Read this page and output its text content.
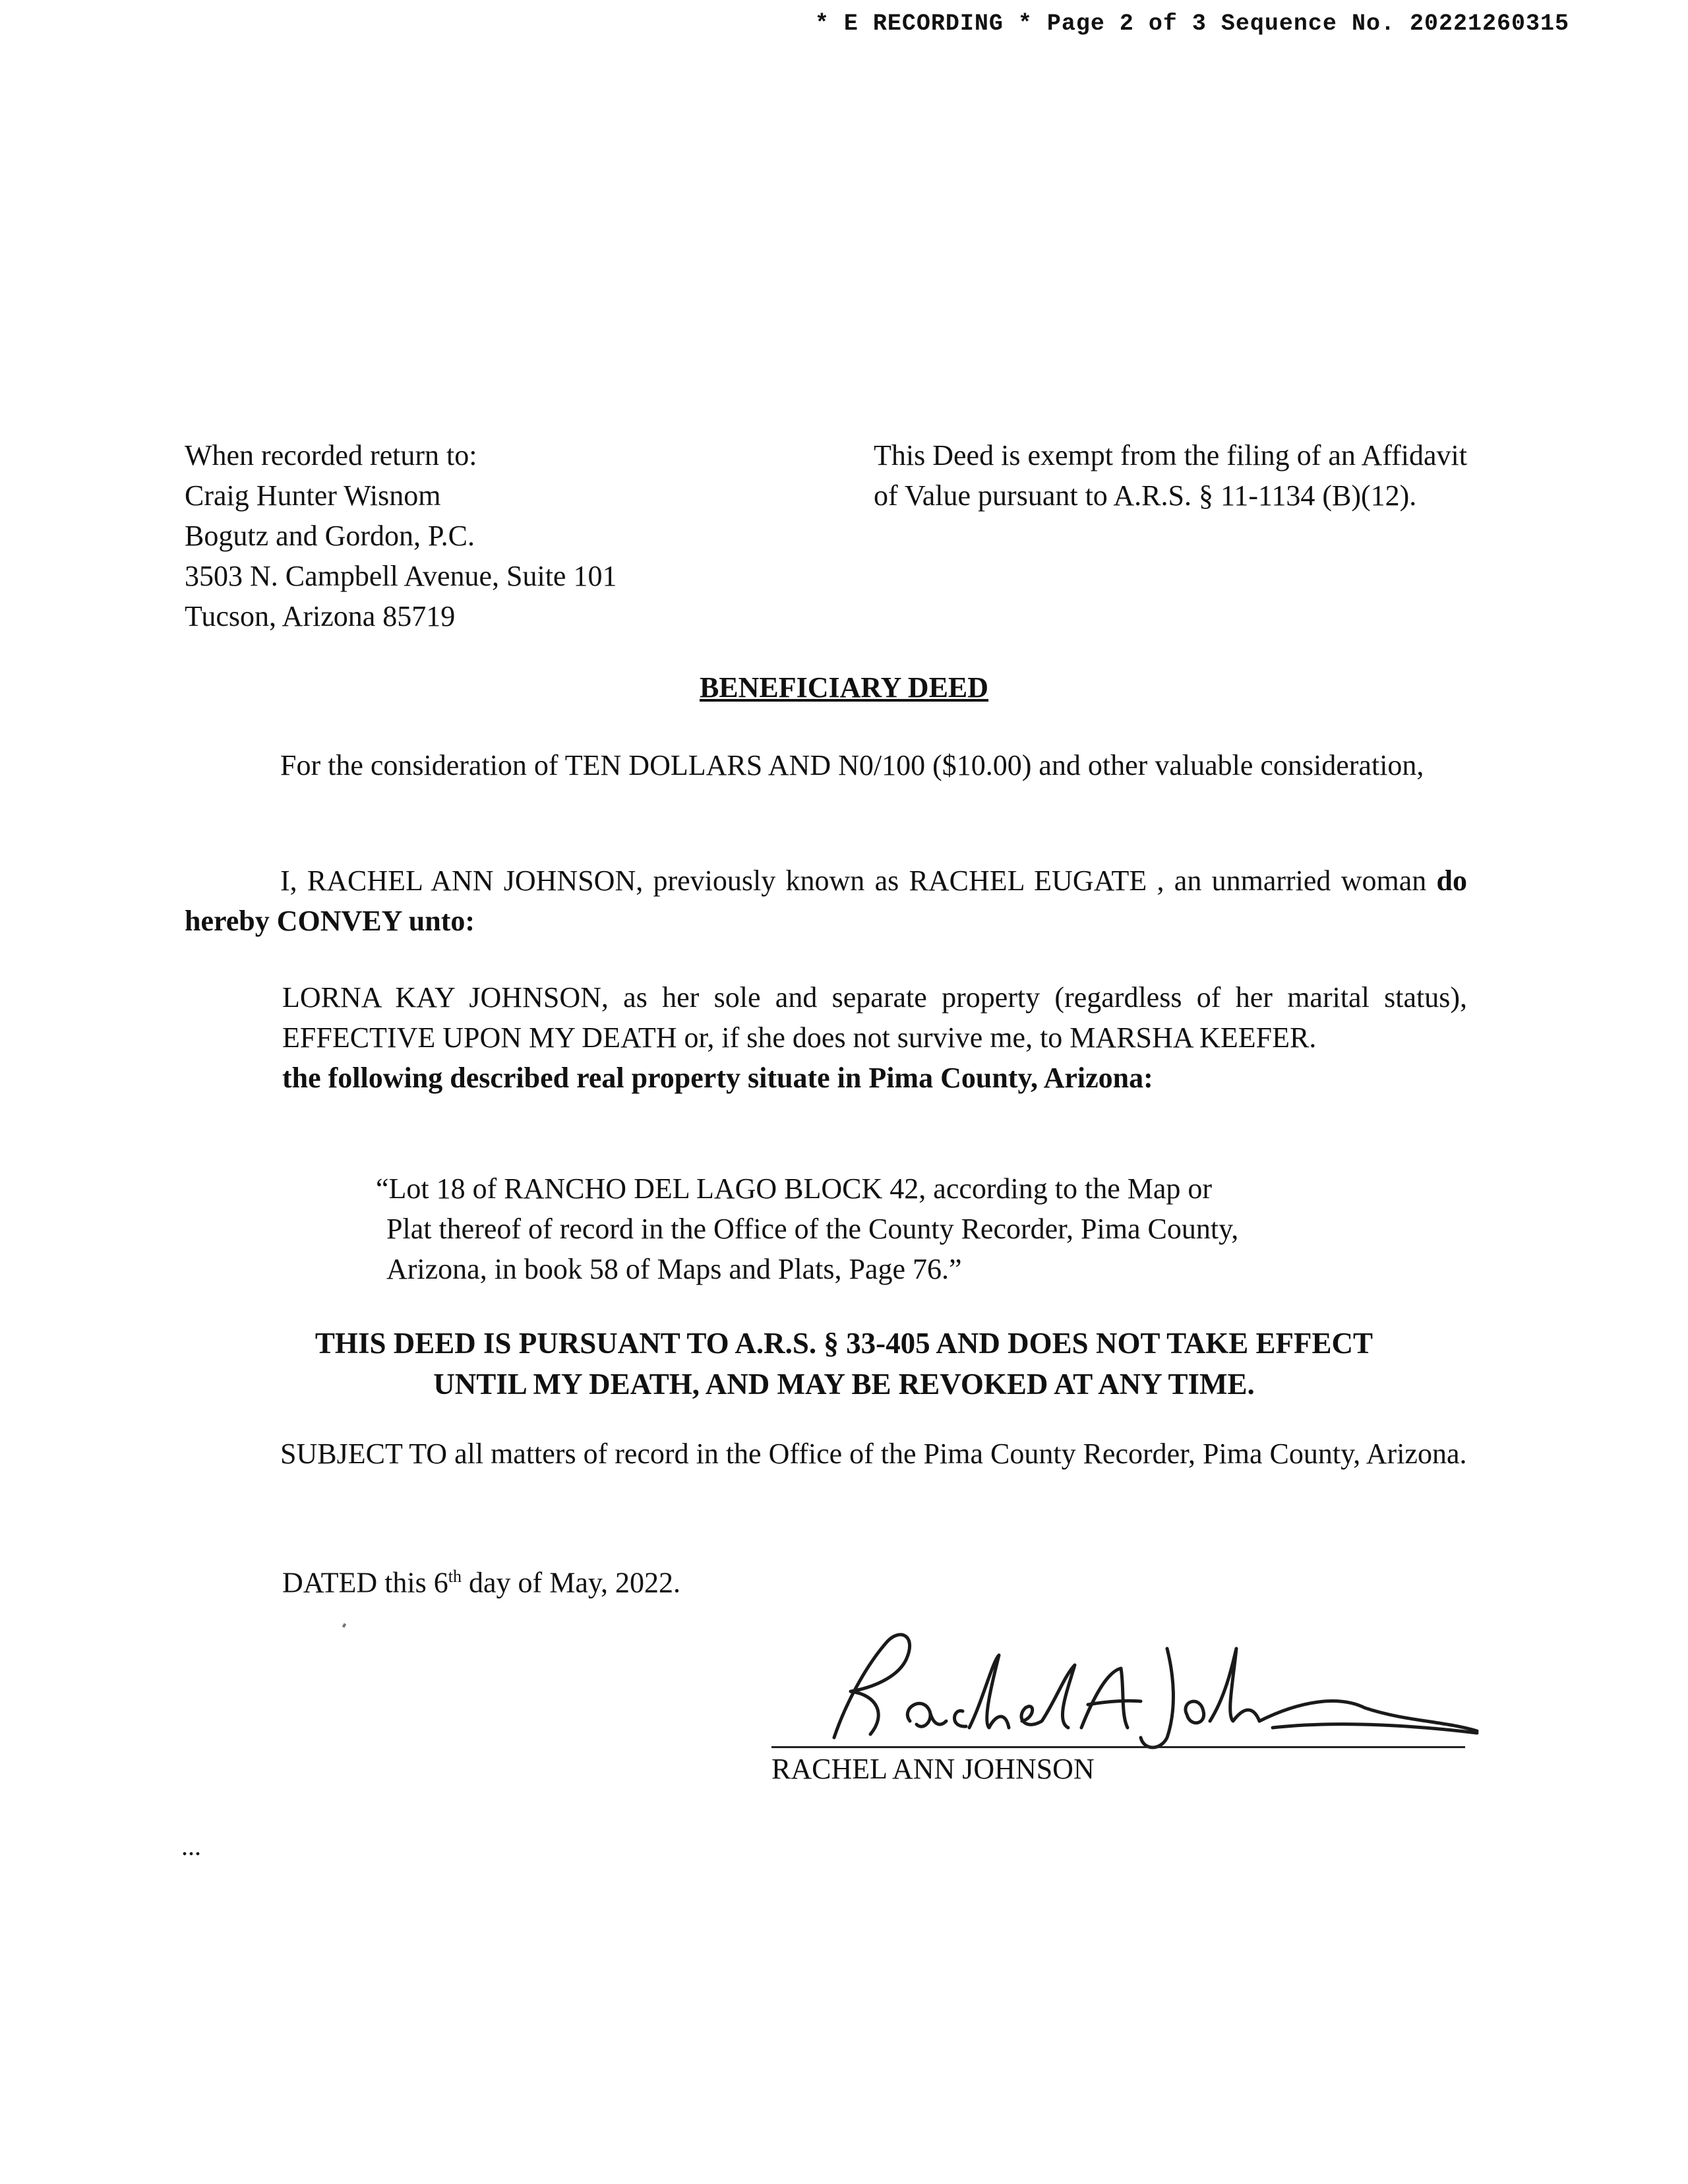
* E RECORDING * Page 2 of 3 Sequence No. 20221260315
When recorded return to:
Craig Hunter Wisnom
Bogutz and Gordon, P.C.
3503 N. Campbell Avenue, Suite 101
Tucson, Arizona 85719
This Deed is exempt from the filing of an Affidavit of Value pursuant to A.R.S. § 11-1134 (B)(12).
BENEFICIARY DEED
For the consideration of TEN DOLLARS AND N0/100 ($10.00) and other valuable consideration,
I, RACHEL ANN JOHNSON, previously known as RACHEL EUGATE , an unmarried woman do hereby CONVEY unto:
LORNA KAY JOHNSON, as her sole and separate property (regardless of her marital status), EFFECTIVE UPON MY DEATH or, if she does not survive me, to MARSHA KEEFER.
the following described real property situate in Pima County, Arizona:
“Lot 18 of RANCHO DEL LAGO BLOCK 42, according to the Map or
Plat thereof of record in the Office of the County Recorder, Pima County,
Arizona, in book 58 of Maps and Plats, Page 76.”
THIS DEED IS PURSUANT TO A.R.S. § 33-405 AND DOES NOT TAKE EFFECT
UNTIL MY DEATH, AND MAY BE REVOKED AT ANY TIME.
SUBJECT TO all matters of record in the Office of the Pima County Recorder, Pima County, Arizona.
DATED this 6th day of May, 2022.
RACHEL ANN JOHNSON
...
